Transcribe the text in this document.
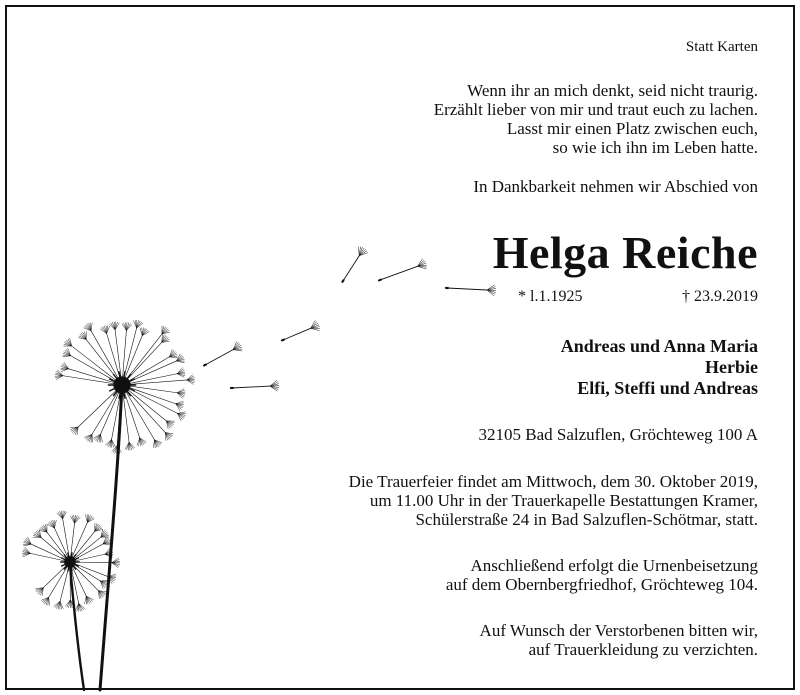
Statt Karten
Wenn ihr an mich denkt, seid nicht traurig.
Erzählt lieber von mir und traut euch zu lachen.
Lasst mir einen Platz zwischen euch,
so wie ich ihn im Leben hatte.
In Dankbarkeit nehmen wir Abschied von
Helga Reiche
* l.1.1925	† 23.9.2019
Andreas und Anna Maria
Herbie
Elfi, Steffi und Andreas
32105 Bad Salzuflen, Gröchteweg 100 A
Die Trauerfeier findet am Mittwoch, dem 30. Oktober 2019,
um 11.00 Uhr in der Trauerkapelle Bestattungen Kramer,
Schülerstraße 24 in Bad Salzuflen-Schötmar, statt.
Anschließend erfolgt die Urnenbeisetzung
auf dem Obernbergfriedhof, Gröchteweg 104.
Auf Wunsch der Verstorbenen bitten wir,
auf Trauerkleidung zu verzichten.
